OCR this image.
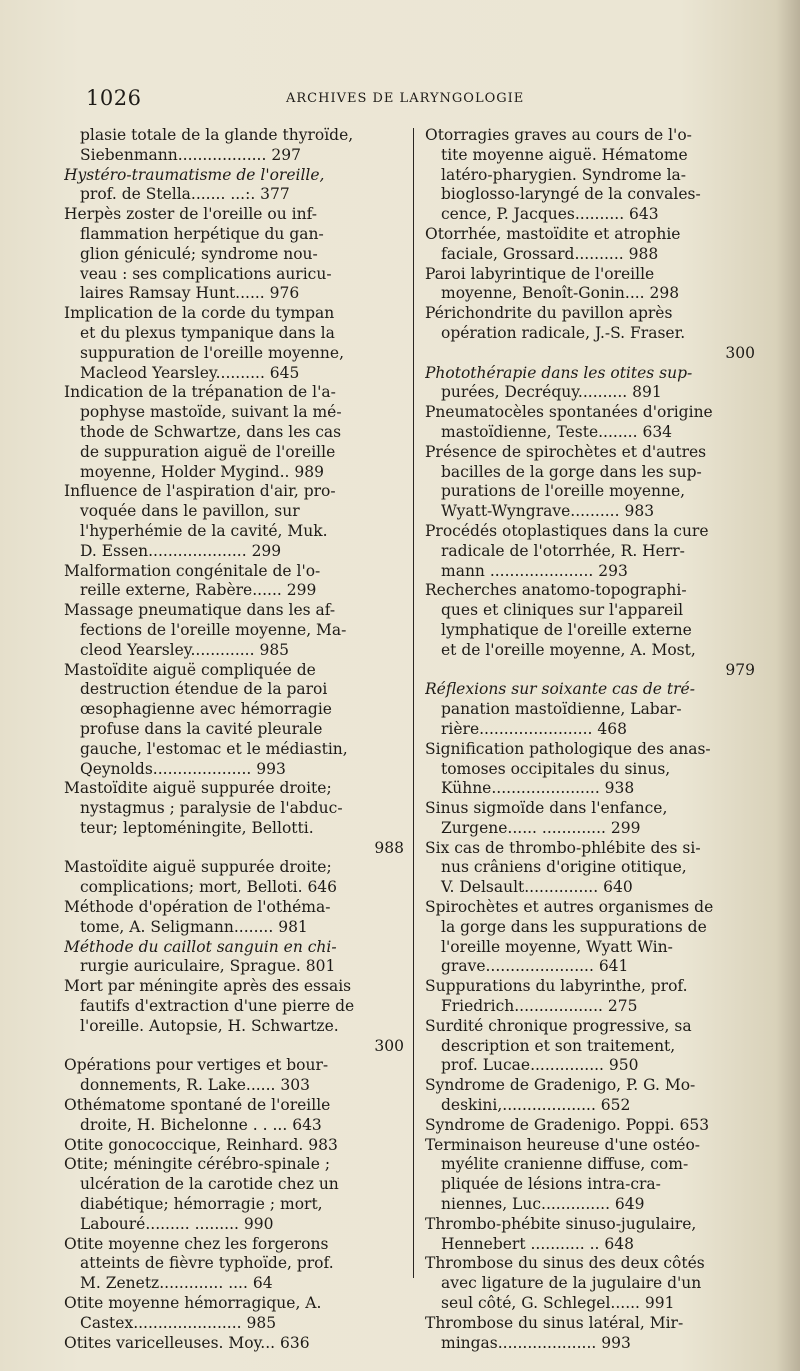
1026	ARCHIVES DE LARYNGOLOGIE
plasie totale de la glande thyroïde,
Siebenmann.................. 297
Hystéro-traumatisme de l'oreille,
prof. de Stella....... ...:. 377
Herpès zoster de l'oreille ou inf-
flammation herpétique du gan-
glion géniculé; syndrome nou-
veau : ses complications auricu-
laires Ramsay Hunt...... 976
Implication de la corde du tympan
et du plexus tympanique dans la
suppuration de l'oreille moyenne,
Macleod Yearsley.......... 645
Indication de la trépanation de l'a-
pophyse mastoïde, suivant la mé-
thode de Schwartze, dans les cas
de suppuration aiguë de l'oreille
moyenne, Holder Mygind.. 989
Influence de l'aspiration d'air, pro-
voquée dans le pavillon, sur
l'hyperhémie de la cavité, Muk.
D. Essen.................... 299
Malformation congénitale de l'o-
reille externe, Rabère...... 299
Massage pneumatique dans les af-
fections de l'oreille moyenne, Ma-
cleod Yearsley............. 985
Mastoïdite aiguë compliquée de
destruction étendue de la paroi
œsophagienne avec hémorragie
profuse dans la cavité pleurale
gauche, l'estomac et le médiastin,
Qeynolds.................... 993
Mastoïdite aiguë suppurée droite;
nystagmus ; paralysie de l'abduc-
teur; leptoméningite, Bellotti.
988
Mastoïdite aiguë suppurée droite;
complications; mort, Belloti. 646
Méthode d'opération de l'othéma-
tome, A. Seligmann........ 981
Méthode du caillot sanguin en chi-
rurgie auriculaire, Sprague. 801
Mort par méningite après des essais
fautifs d'extraction d'une pierre de
l'oreille. Autopsie, H. Schwartze.
300
Opérations pour vertiges et bour-
donnements, R. Lake...... 303
Othématome spontané de l'oreille
droite, H. Bichelonne . . ... 643
Otite gonococcique, Reinhard. 983
Otite; méningite cérébro-spinale ;
ulcération de la carotide chez un
diabétique; hémorragie ; mort,
Labouré......... ......... 990
Otite moyenne chez les forgerons
atteints de fièvre typhoïde, prof.
M. Zenetz............. .... 64
Otite moyenne hémorragique, A.
Castex...................... 985
Otites varicelleuses. Moy... 636
Otorragies graves au cours de l'o-
tite moyenne aiguë. Hématome
latéro-pharygien. Syndrome la-
bioglosso-laryngé de la convales-
cence, P. Jacques.......... 643
Otorrhée, mastoïdite et atrophie
faciale, Grossard.......... 988
Paroi labyrintique de l'oreille
moyenne, Benoît-Gonin.... 298
Périchondrite du pavillon après
opération radicale, J.-S. Fraser.
300
Photothérapie dans les otites sup-
purées, Decréquy.......... 891
Pneumatocèles spontanées d'origine
mastoïdienne, Teste........ 634
Présence de spirochètes et d'autres
bacilles de la gorge dans les sup-
purations de l'oreille moyenne,
Wyatt-Wyngrave.......... 983
Procédés otoplastiques dans la cure
radicale de l'otorrhée, R. Herr-
mann ..................... 293
Recherches anatomo-topographi-
ques et cliniques sur l'appareil
lymphatique de l'oreille externe
et de l'oreille moyenne, A. Most,
979
Réflexions sur soixante cas de tré-
panation mastoïdienne, Labar-
rière....................... 468
Signification pathologique des anas-
tomoses occipitales du sinus,
Kühne...................... 938
Sinus sigmoïde dans l'enfance,
Zurgene...... ............. 299
Six cas de thrombo-phlébite des si-
nus crâniens d'origine otitique,
V. Delsault............... 640
Spirochètes et autres organismes de
la gorge dans les suppurations de
l'oreille moyenne, Wyatt Win-
grave...................... 641
Suppurations du labyrinthe, prof.
Friedrich.................. 275
Surdité chronique progressive, sa
description et son traitement,
prof. Lucae............... 950
Syndrome de Gradenigo, P. G. Mo-
deskini,................... 652
Syndrome de Gradenigo. Poppi. 653
Terminaison heureuse d'une ostéo-
myélite cranienne diffuse, com-
pliquée de lésions intra-cra-
niennes, Luc.............. 649
Thrombo-phébite sinuso-jugulaire,
Hennebert ........... .. 648
Thrombose du sinus des deux côtés
avec ligature de la jugulaire d'un
seul côté, G. Schlegel...... 991
Thrombose du sinus latéral, Mir-
mingas.................... 993
